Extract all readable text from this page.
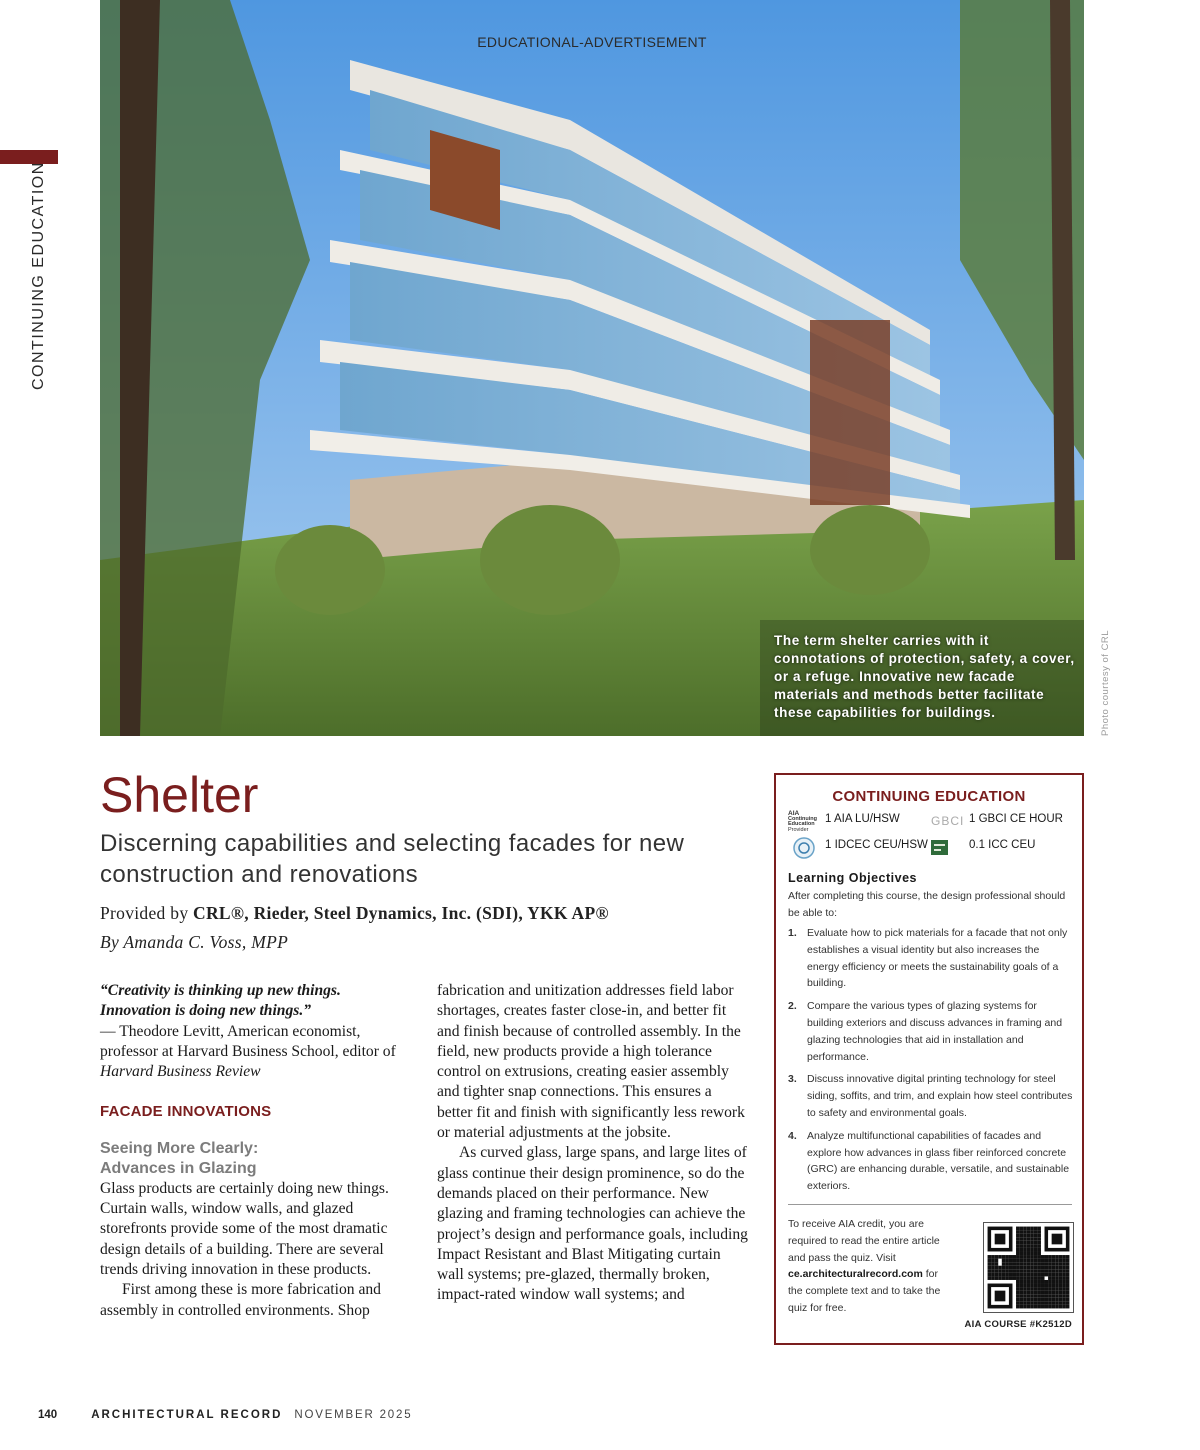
CONTINUING EDUCATION
EDUCATIONAL-ADVERTISEMENT
The term shelter carries with it connotations of protection, safety, a cover, or a refuge. Innovative new facade materials and methods better facilitate these capabilities for buildings.	Photo courtesy of CRL
Shelter
Discerning capabilities and selecting facades for new construction and renovations
Provided by CRL®, Rieder, Steel Dynamics, Inc. (SDI), YKK AP®
By Amanda C. Voss, MPP

“Creativity is thinking up new things. Innovation is doing new things.”

— Theodore Levitt, American economist, professor at Harvard Business School, editor of Harvard Business Review

FACADE INNOVATIONS
Seeing More Clearly:
Advances in Glazing

Glass products are certainly doing new things. Curtain walls, window walls, and glazed storefronts provide some of the most dramatic design details of a building. There are several trends driving innovation in these products.

First among these is more fabrication and assembly in controlled environments. Shop

fabrication and unitization addresses field labor shortages, creates faster close-in, and better fit and finish because of controlled assembly. In the field, new products provide a high tolerance control on extrusions, creating easier assembly and tighter snap connections. This ensures a better fit and finish with significantly less rework or material adjustments at the jobsite.

As curved glass, large spans, and large lites of glass continue their design prominence, so do the demands placed on their performance. New glazing and framing technologies can achieve the project’s design and performance goals, including Impact Resistant and Blast Mitigating curtain wall systems; pre-glazed, thermally broken, impact-rated window wall systems; and

CONTINUING EDUCATION
AIA
Continuing
Education
Provider
1 AIA LU/HSW	GBCI 1 GBCI CE HOUR
1 IDCEC CEU/HSW	0.1 ICC CEU
Learning Objectives
After completing this course, the design professional should be able to:
1. Evaluate how to pick materials for a facade that not only establishes a visual identity but also increases the energy efficiency or meets the sustainability goals of a building.
2. Compare the various types of glazing systems for building exteriors and discuss advances in framing and glazing technologies that aid in installation and performance.
3. Discuss innovative digital printing technology for steel siding, soffits, and trim, and explain how steel contributes to safety and environmental goals.
4. Analyze multifunctional capabilities of facades and explore how advances in glass fiber reinforced concrete (GRC) are enhancing durable, versatile, and sustainable exteriors.
To receive AIA credit, you are required to read the entire article and pass the quiz. Visit ce.architecturalrecord.com for the complete text and to take the quiz for free.
AIA COURSE #K2512D
140	ARCHITECTURAL RECORD NOVEMBER 2025
